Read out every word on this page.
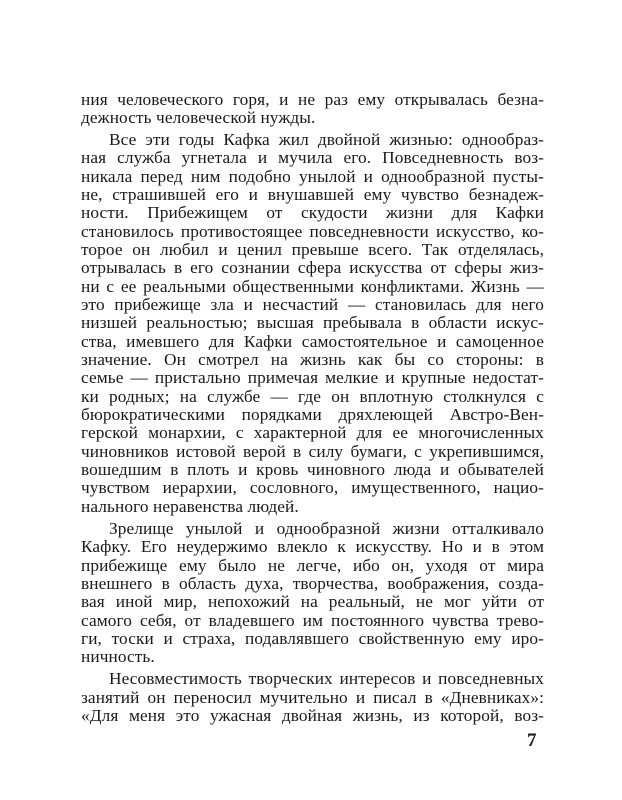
ния человеческого горя, и не раз ему открывалась безна-
дежность человеческой нужды.
Все эти годы Кафка жил двойной жизнью: однообраз-
ная служба угнетала и мучила его. Повседневность воз-
никала перед ним подобно унылой и однообразной пусты-
не, страшившей его и внушавшей ему чувство безнадеж-
ности. Прибежищем от скудости жизни для Кафки
становилось противостоящее повседневности искусство, ко-
торое он любил и ценил превыше всего. Так отделялась,
отрывалась в его сознании сфера искусства от сферы жиз-
ни с ее реальными общественными конфликтами. Жизнь —
это прибежище зла и несчастий — становилась для него
низшей реальностью; высшая пребывала в области искус-
ства, имевшего для Кафки самостоятельное и самоценное
значение. Он смотрел на жизнь как бы со стороны: в
семье — пристально примечая мелкие и крупные недостат-
ки родных; на службе — где он вплотную столкнулся с
бюрократическими порядками дряхлеющей Австро-Вен-
герской монархии, с характерной для ее многочисленных
чиновников истовой верой в силу бумаги, с укрепившимся,
вошедшим в плоть и кровь чиновного люда и обывателей
чувством иерархии, сословного, имущественного, нацио-
нального неравенства людей.
Зрелище унылой и однообразной жизни отталкивало
Кафку. Его неудержимо влекло к искусству. Но и в этом
прибежище ему было не легче, ибо он, уходя от мира
внешнего в область духа, творчества, воображения, созда-
вая иной мир, непохожий на реальный, не мог уйти от
самого себя, от владевшего им постоянного чувства трево-
ги, тоски и страха, подавлявшего свойственную ему иро-
ничность.
Несовместимость творческих интересов и повседневных
занятий он переносил мучительно и писал в «Дневниках»:
«Для меня это ужасная двойная жизнь, из которой, воз-
7
